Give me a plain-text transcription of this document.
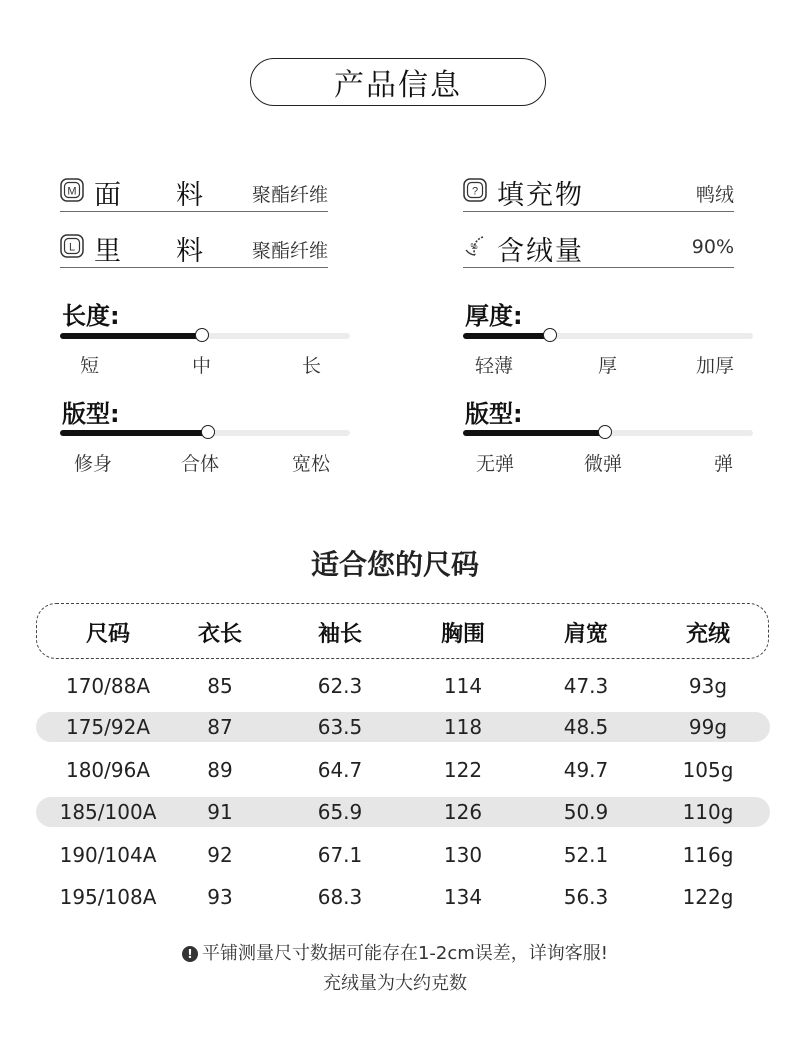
产品信息
M 面　料 聚酯纤维
L 里　料 聚酯纤维
? 填充物	鸭绒
% 含绒量	90%
长度:
短	中	长
厚度:
轻薄	厚	加厚
版型:
修身	合体	宽松
版型:
无弹	微弹	弹
适合您的尺码
尺码	衣长	袖长	胸围	肩宽	充绒
170/88A	85	62.3	114	47.3	93g
175/92A	87	63.5	118	48.5	99g
180/96A	89	64.7	122	49.7	105g
185/100A	91	65.9	126	50.9	110g
190/104A	92	67.1	130	52.1	116g
195/108A	93	68.3	134	56.3	122g
! 平铺测量尺寸数据可能存在1-2cm误差，详询客服!
充绒量为大约克数
